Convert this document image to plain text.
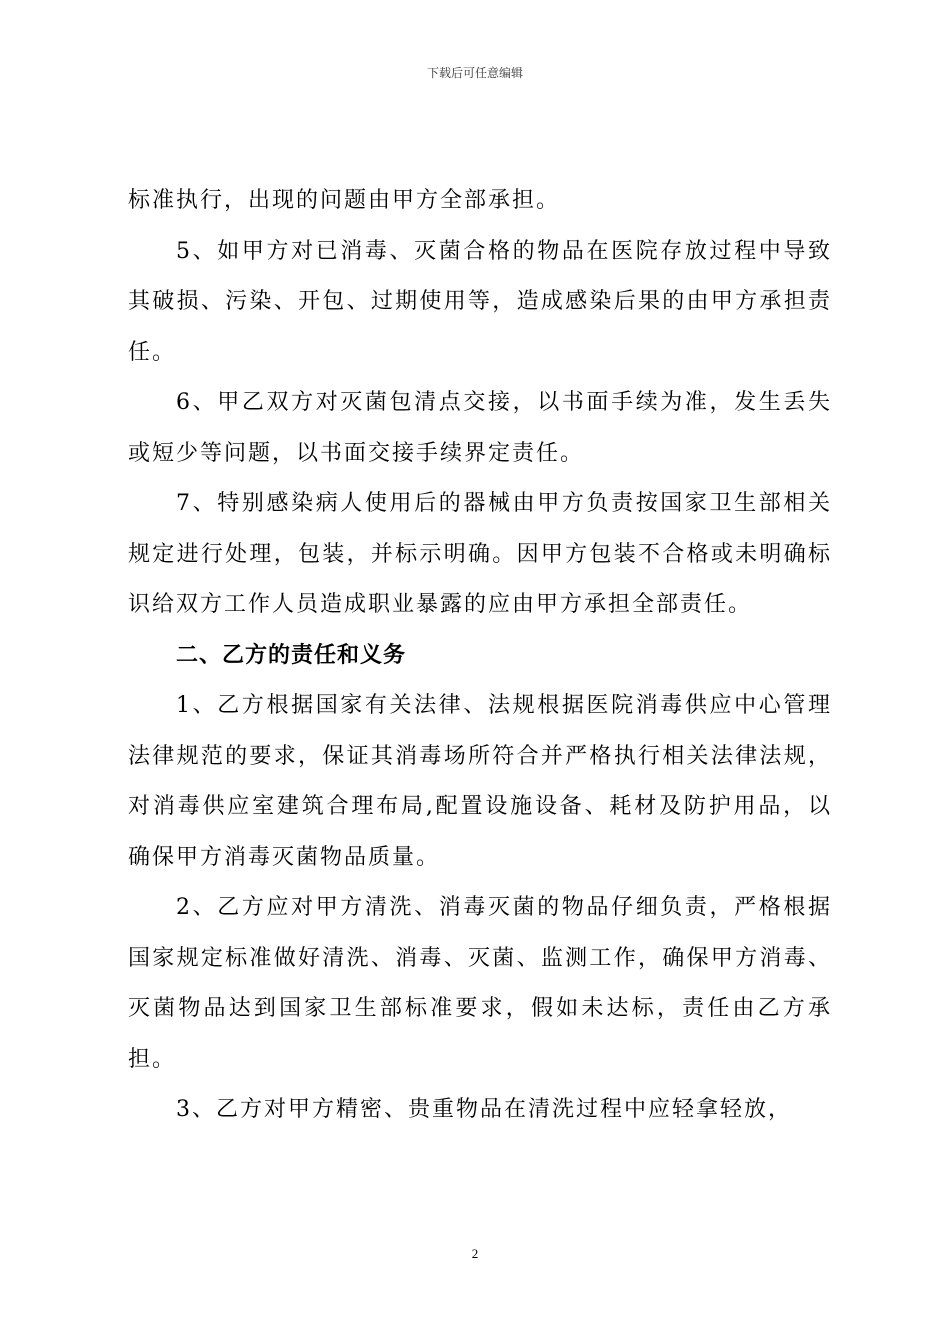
下载后可任意编辑

标准执行，出现的问题由甲方全部承担。

5、如甲方对已消毒、灭菌合格的物品在医院存放过程中导致其破损、污染、开包、过期使用等，造成感染后果的由甲方承担责任。

6、甲乙双方对灭菌包清点交接，以书面手续为准，发生丢失或短少等问题，以书面交接手续界定责任。

7、特别感染病人使用后的器械由甲方负责按国家卫生部相关规定进行处理，包装，并标示明确。因甲方包装不合格或未明确标识给双方工作人员造成职业暴露的应由甲方承担全部责任。

二、乙方的责任和义务

1、乙方根据国家有关法律、法规根据医院消毒供应中心管理法律规范的要求，保证其消毒场所符合并严格执行相关法律法规，对消毒供应室建筑合理布局,配置设施设备、耗材及防护用品，以确保甲方消毒灭菌物品质量。

2、乙方应对甲方清洗、消毒灭菌的物品仔细负责，严格根据国家规定标准做好清洗、消毒、灭菌、监测工作，确保甲方消毒、灭菌物品达到国家卫生部标准要求，假如未达标，责任由乙方承担。

3、乙方对甲方精密、贵重物品在清洗过程中应轻拿轻放，

2
